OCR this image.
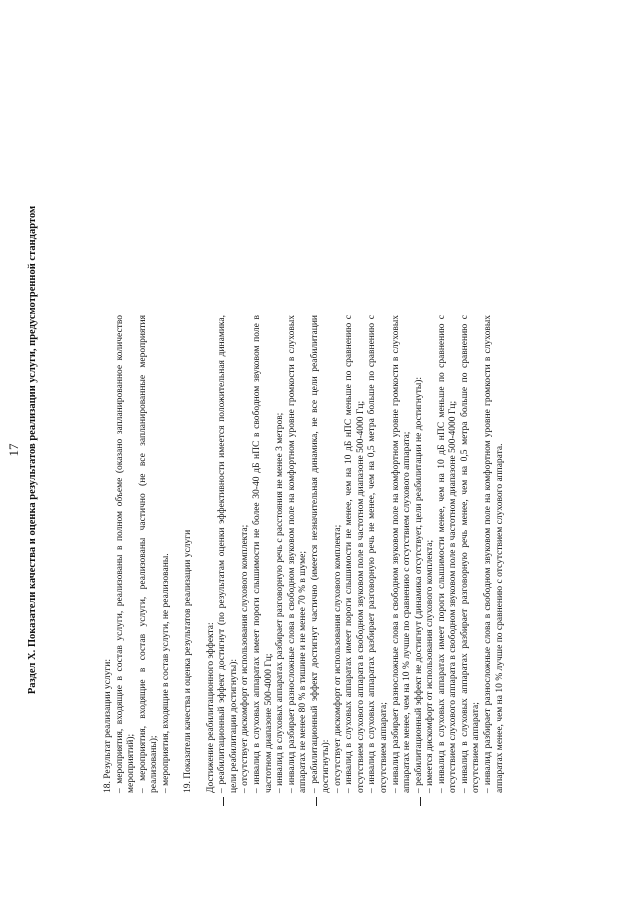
17 Раздел X. Показатели качества и оценка результатов реализации услуги, предусмотренной стандартом

18. Результат реализации услуги: – мероприятия, входящие в состав услуги, реализованы в полном объеме (оказано запланированное количество мероприятий); – мероприятия, входящие в состав услуги, реализованы частично (не все запланированные мероприятия реализованы); – мероприятия, входящие в состав услуги, не реализованы. 19. Показатели качества и оценка результатов реализации услуги Достижение реабилитационного эффекта: – реабилитационный эффект достигнут (по результатам оценки эффективности имеется положительная динамика, цели реабилитации достигнуты): – отсутствует дискомфорт от использования слухового комплекта; – инвалид в слуховых аппаратах имеет пороги слышимости не более 30-40 дБ нПС в свободном звуковом поле в частотном диапазоне 500-4000 Гц; – инвалид в слуховых аппаратах разбирает разговорную речь с расстояния не менее 3 метров; – инвалид разбирает разносложные слова в свободном звуковом поле на комфортном уровне громкости в слуховых аппаратах не менее 80 % в тишине и не менее 70 % в шуме; – реабилитационный эффект достигнут частично (имеется незначительная динамика, не все цели реабилитации достигнуты): – отсутствует дискомфорт от использования слухового комплекта; – инвалид в слуховых аппаратах имеет пороги слышимости не менее, чем на 10 дБ нПС меньше по сравнению с отсутствием слухового аппарата в свободном звуковом поле в частотном диапазоне 500-4000 Гц; – инвалид в слуховых аппаратах разбирает разговорную речь не менее, чем на 0,5 метра больше по сравнению с отсутствием аппарата; – инвалид разбирает разносложные слова в свободном звуковом поле на комфортном уровне громкости в слуховых аппаратах не менее, чем на 10 % лучше по сравнению с отсутствием слухового аппарата; – реабилитационный эффект не достигнут (динамика отсутствует, цели реабилитации не достигнуты): – имеется дискомфорт от использования слухового комплекта; – инвалид в слуховых аппаратах имеет пороги слышимости менее, чем на 10 дБ нПС меньше по сравнению с отсутствием слухового аппарата в свободном звуковом поле в частотном диапазоне 500-4000 Гц; – инвалид в слуховых аппаратах разбирает разговорную речь менее, чем на 0,5 метра больше по сравнению с отсутствием аппарата; – инвалид разбирает разносложные слова в свободном звуковом поле на комфортном уровне громкости в слуховых аппаратах менее, чем на 10 % лучше по сравнению с отсутствием слухового аппарата.
